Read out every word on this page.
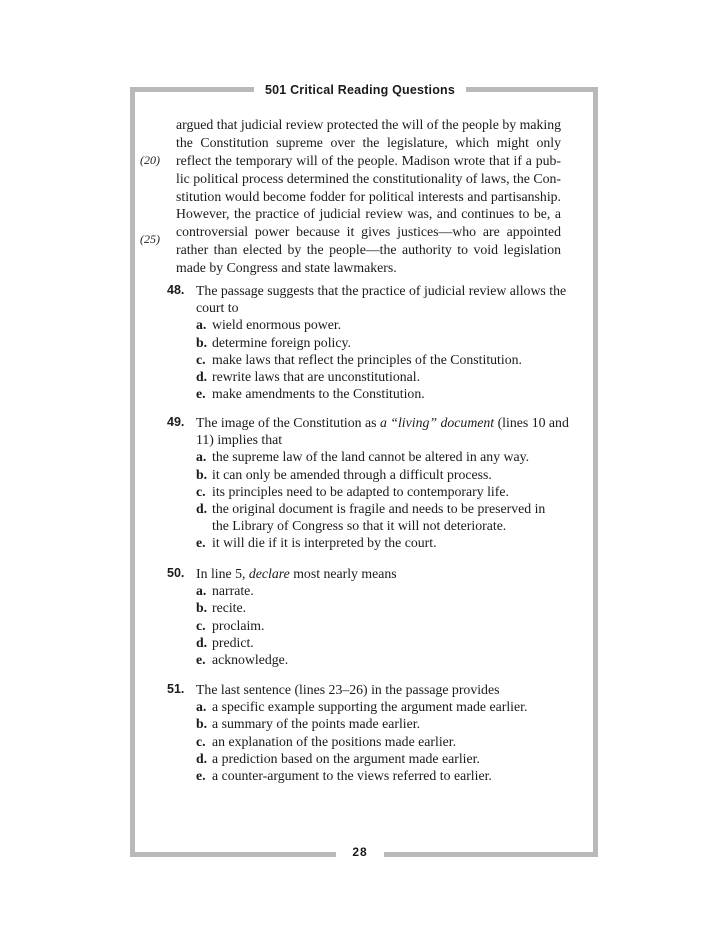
501 Critical Reading Questions
28
argued that judicial review protected the will of the people by making
the Constitution supreme over the legislature, which might only
reflect the temporary will of the people. Madison wrote that if a pub-
lic political process determined the constitutionality of laws, the Con-
stitution would become fodder for political interests and partisanship.
However, the practice of judicial review was, and continues to be, a
controversial power because it gives justices—who are appointed
rather than elected by the people—the authority to void legislation
made by Congress and state lawmakers.
(20)
(25)
48. The passage suggests that the practice of judicial review allows the
court to
a. wield enormous power.
b. determine foreign policy.
c. make laws that reflect the principles of the Constitution.
d. rewrite laws that are unconstitutional.
e. make amendments to the Constitution.
49. The image of the Constitution as a “living” document (lines 10 and
11) implies that
a. the supreme law of the land cannot be altered in any way.
b. it can only be amended through a difficult process.
c. its principles need to be adapted to contemporary life.
d. the original document is fragile and needs to be preserved in
the Library of Congress so that it will not deteriorate.
e. it will die if it is interpreted by the court.
50. In line 5, declare most nearly means
a. narrate.
b. recite.
c. proclaim.
d. predict.
e. acknowledge.
51. The last sentence (lines 23–26) in the passage provides
a. a specific example supporting the argument made earlier.
b. a summary of the points made earlier.
c. an explanation of the positions made earlier.
d. a prediction based on the argument made earlier.
e. a counter-argument to the views referred to earlier.
